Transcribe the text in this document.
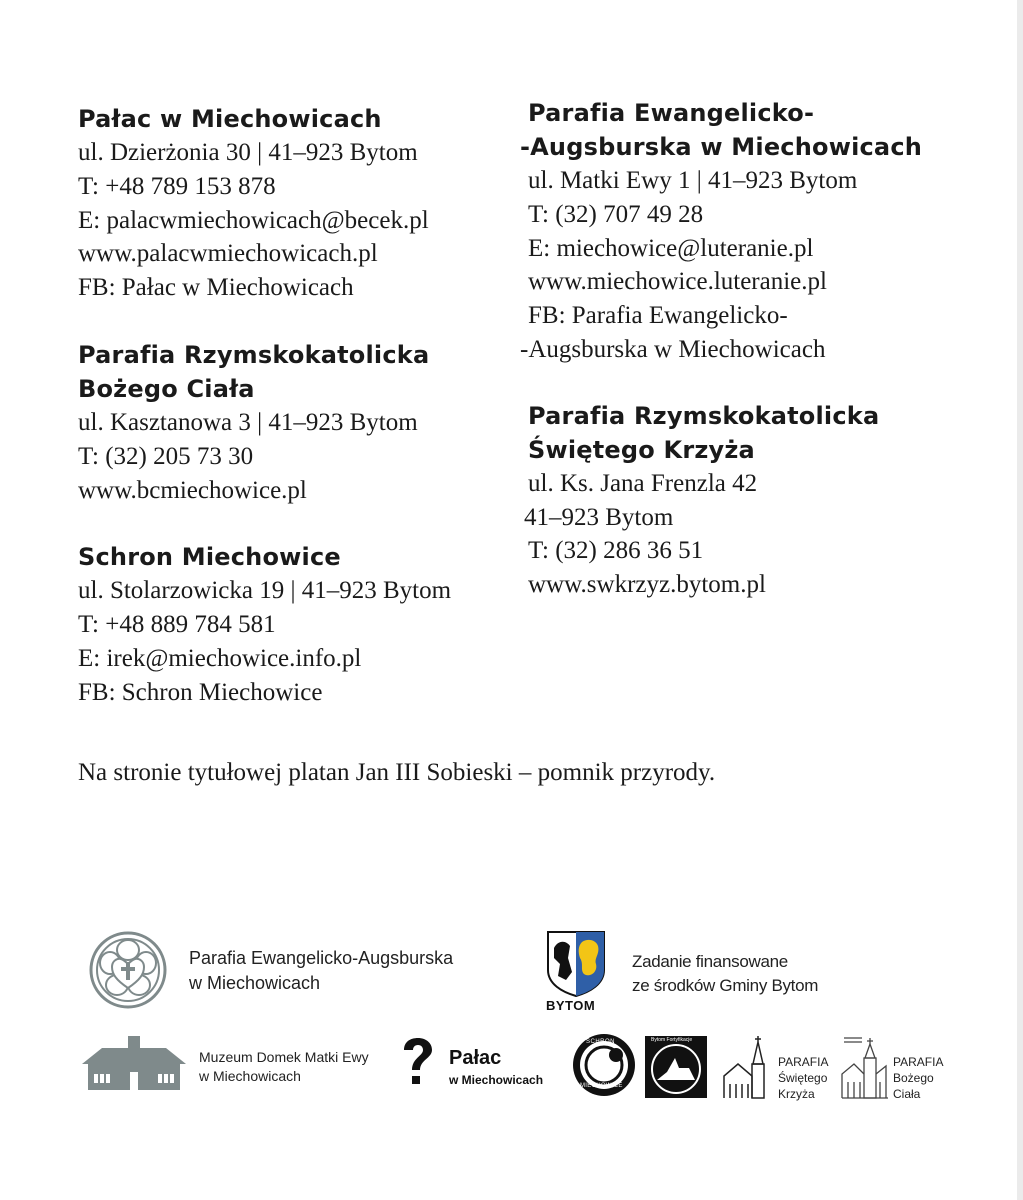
Pałac w Miechowicach
ul. Dzierżonia 30 | 41–923 Bytom
T: +48 789 153 878
E: palacwmiechowicach@becek.pl
www.palacwmiechowicach.pl
FB: Pałac w Miechowicach
Parafia Rzymskokatolicka
Bożego Ciała
ul. Kasztanowa 3 | 41–923 Bytom
T: (32) 205 73 30
www.bcmiechowice.pl
Schron Miechowice
ul. Stolarzowicka 19 | 41–923 Bytom
T: +48 889 784 581
E: irek@miechowice.info.pl
FB: Schron Miechowice
Parafia Ewangelicko-
-Augsburska w Miechowicach
ul. Matki Ewy 1 | 41–923 Bytom
T: (32) 707 49 28
E: miechowice@luteranie.pl
www.miechowice.luteranie.pl
FB: Parafia Ewangelicko-
-Augsburska w Miechowicach
Parafia Rzymskokatolicka
Świętego Krzyża
ul. Ks. Jana Frenzla 42
41–923 Bytom
T: (32) 286 36 51
www.swkrzyz.bytom.pl
Na stronie tytułowej platan Jan III Sobieski – pomnik przyrody.
Parafia Ewangelicko-Augsburska
w Miechowicach
BYTOM
Zadanie finansowane
ze środków Gminy Bytom
Muzeum Domek Matki Ewy
w Miechowicach
Pałac
w Miechowicach
SCHRON
MIECHOWICE
Bytom Fortyfikacje
PARAFIA
Świętego
Krzyża
PARAFIA
Bożego
Ciała
